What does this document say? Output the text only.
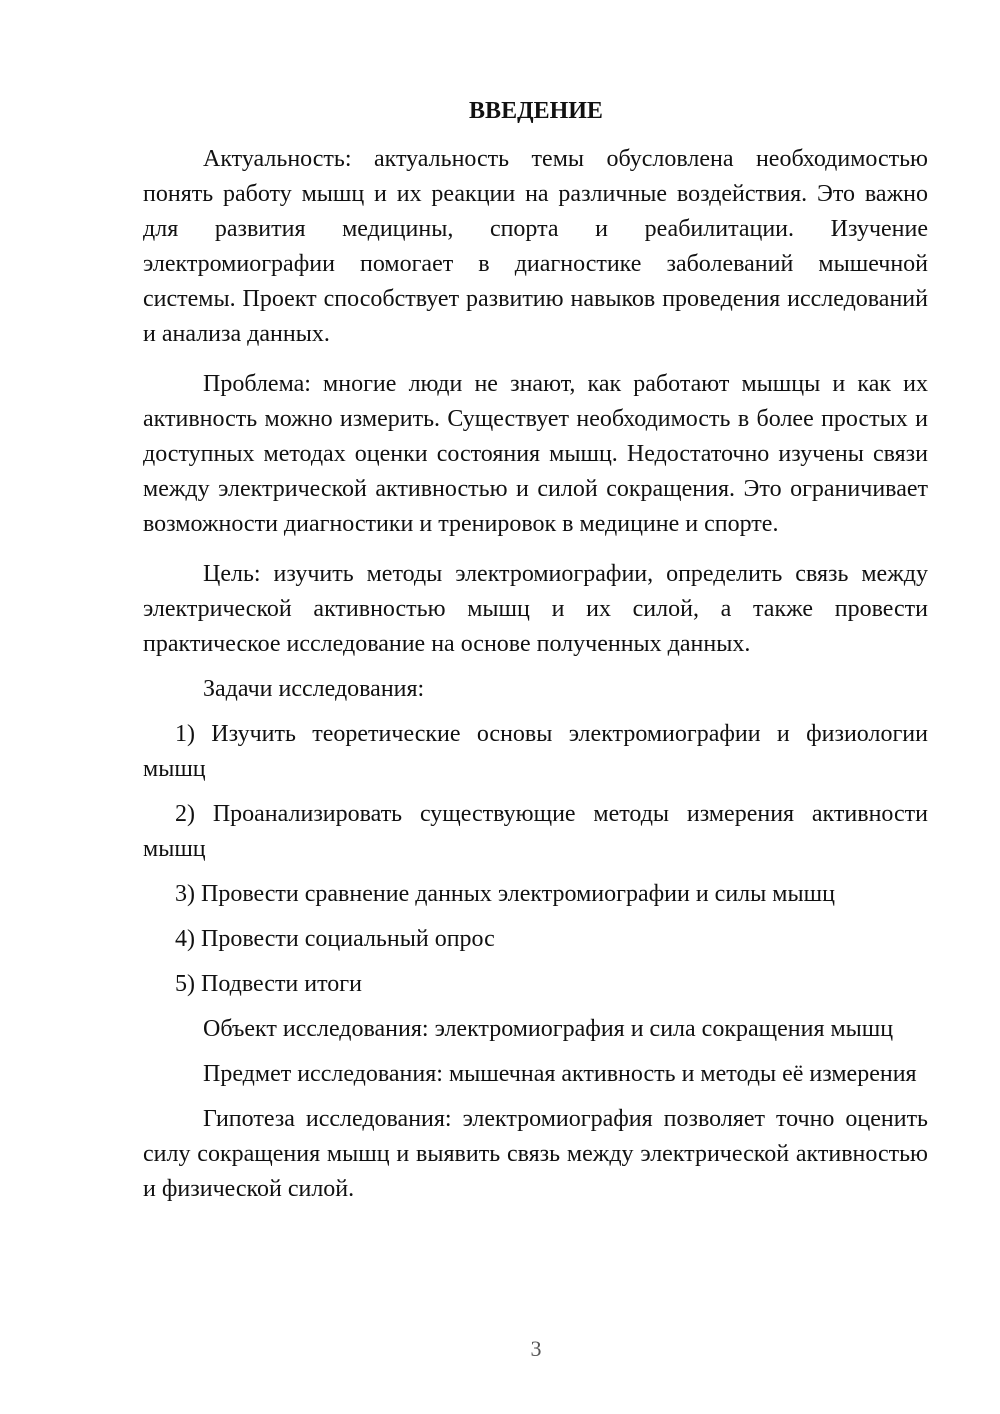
ВВЕДЕНИЕ

Актуальность: актуальность темы обусловлена необходимостью понять работу мышц и их реакции на различные воздействия. Это важно для развития медицины, спорта и реабилитации. Изучение электромиографии помогает в диагностике заболеваний мышечной системы. Проект способствует развитию навыков проведения исследований и анализа данных.

Проблема: многие люди не знают, как работают мышцы и как их активность можно измерить. Существует необходимость в более простых и доступных методах оценки состояния мышц. Недостаточно изучены связи между электрической активностью и силой сокращения. Это ограничивает возможности диагностики и тренировок в медицине и спорте.

Цель: изучить методы электромиографии, определить связь между электрической активностью мышц и их силой, а также провести практическое исследование на основе полученных данных.

Задачи исследования:

1) Изучить теоретические основы электромиографии и физиологии мышц

2) Проанализировать существующие методы измерения активности мышц

3) Провести сравнение данных электромиографии и силы мышц

4) Провести социальный опрос

5) Подвести итоги

Объект исследования: электромиография и сила сокращения мышц

Предмет исследования: мышечная активность и методы её измерения

Гипотеза исследования: электромиография позволяет точно оценить силу сокращения мышц и выявить связь между электрической активностью и физической силой.

3
